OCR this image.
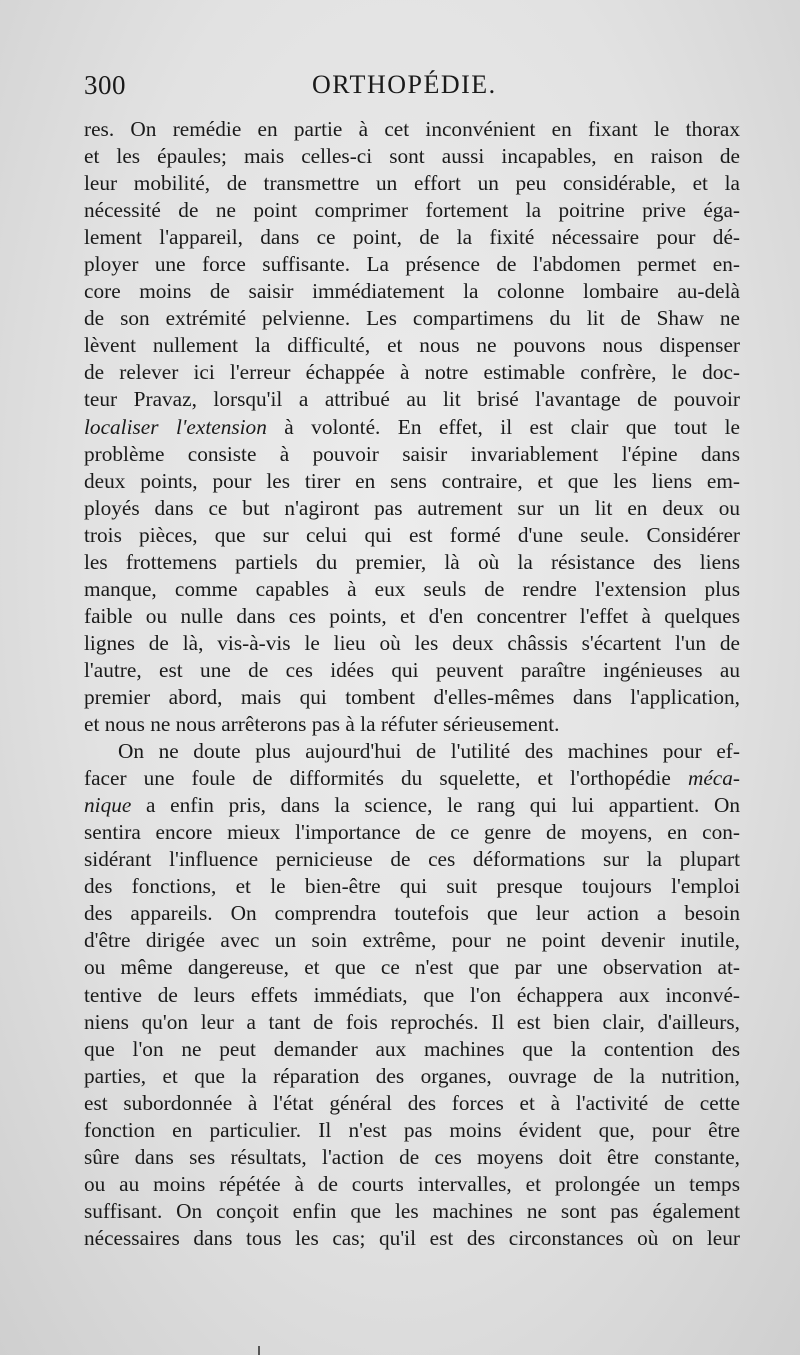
300	ORTHOPÉDIE.
res. On remédie en partie à cet inconvénient en fixant le thorax
et les épaules; mais celles-ci sont aussi incapables, en raison de
leur mobilité, de transmettre un effort un peu considérable, et la
nécessité de ne point comprimer fortement la poitrine prive éga-
lement l'appareil, dans ce point, de la fixité nécessaire pour dé-
ployer une force suffisante. La présence de l'abdomen permet en-
core moins de saisir immédiatement la colonne lombaire au-delà
de son extrémité pelvienne. Les compartimens du lit de Shaw ne
lèvent nullement la difficulté, et nous ne pouvons nous dispenser
de relever ici l'erreur échappée à notre estimable confrère, le doc-
teur Pravaz, lorsqu'il a attribué au lit brisé l'avantage de pouvoir
localiser l'extension à volonté. En effet, il est clair que tout le
problème consiste à pouvoir saisir invariablement l'épine dans
deux points, pour les tirer en sens contraire, et que les liens em-
ployés dans ce but n'agiront pas autrement sur un lit en deux ou
trois pièces, que sur celui qui est formé d'une seule. Considérer
les frottemens partiels du premier, là où la résistance des liens
manque, comme capables à eux seuls de rendre l'extension plus
faible ou nulle dans ces points, et d'en concentrer l'effet à quelques
lignes de là, vis-à-vis le lieu où les deux châssis s'écartent l'un de
l'autre, est une de ces idées qui peuvent paraître ingénieuses au
premier abord, mais qui tombent d'elles-mêmes dans l'application,
et nous ne nous arrêterons pas à la réfuter sérieusement.
On ne doute plus aujourd'hui de l'utilité des machines pour ef-
facer une foule de difformités du squelette, et l'orthopédie méca-
nique a enfin pris, dans la science, le rang qui lui appartient. On
sentira encore mieux l'importance de ce genre de moyens, en con-
sidérant l'influence pernicieuse de ces déformations sur la plupart
des fonctions, et le bien-être qui suit presque toujours l'emploi
des appareils. On comprendra toutefois que leur action a besoin
d'être dirigée avec un soin extrême, pour ne point devenir inutile,
ou même dangereuse, et que ce n'est que par une observation at-
tentive de leurs effets immédiats, que l'on échappera aux inconvé-
niens qu'on leur a tant de fois reprochés. Il est bien clair, d'ailleurs,
que l'on ne peut demander aux machines que la contention des
parties, et que la réparation des organes, ouvrage de la nutrition,
est subordonnée à l'état général des forces et à l'activité de cette
fonction en particulier. Il n'est pas moins évident que, pour être
sûre dans ses résultats, l'action de ces moyens doit être constante,
ou au moins répétée à de courts intervalles, et prolongée un temps
suffisant. On conçoit enfin que les machines ne sont pas également
nécessaires dans tous les cas; qu'il est des circonstances où on leur
